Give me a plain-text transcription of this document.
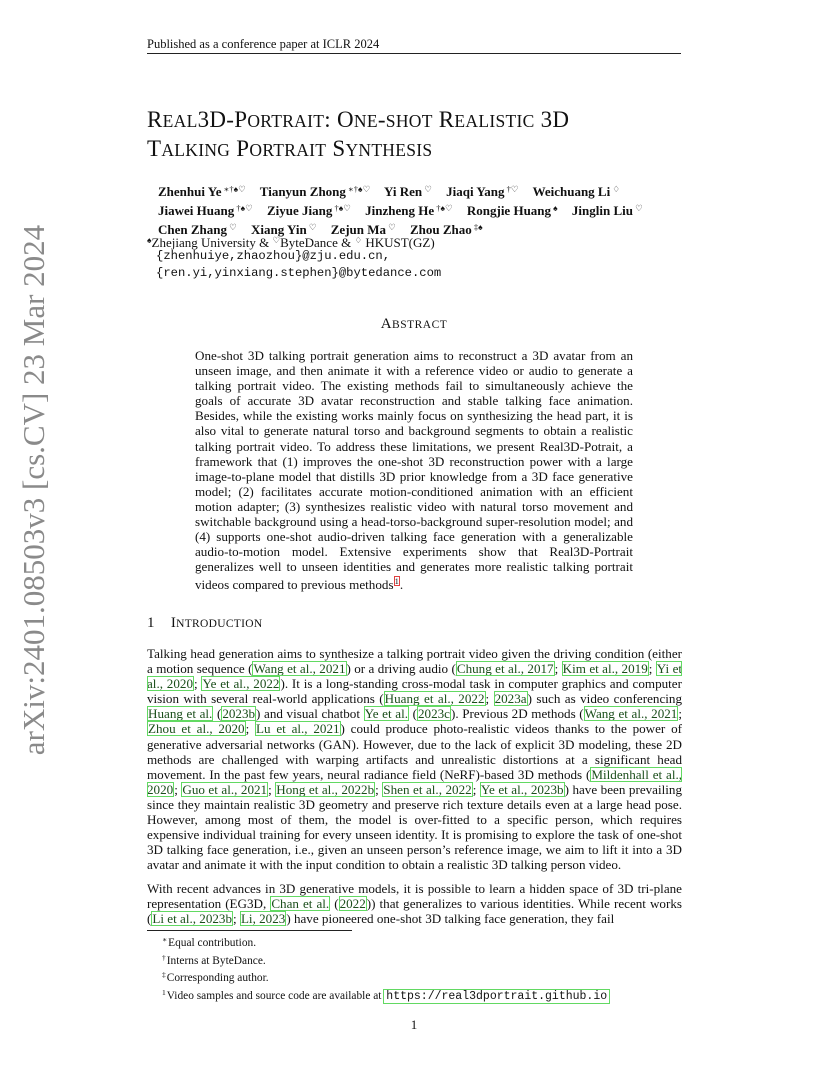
Published as a conference paper at ICLR 2024
arXiv:2401.08503v3 [cs.CV] 23 Mar 2024
REAL3D-PORTRAIT: ONE-SHOT REALISTIC 3D
TALKING PORTRAIT SYNTHESIS
Zhenhui Ye ∗†♠♡ Tianyun Zhong ∗†♠♡ Yi Ren ♡ Jiaqi Yang †♡ Weichuang Li ♢ Jiawei Huang †♠♡ Ziyue Jiang †♠♡ Jinzheng He †♠♡ Rongjie Huang ♠ Jinglin Liu ♡ Chen Zhang ♡ Xiang Yin ♡ Zejun Ma ♡ Zhou Zhao ‡♠
♠Zhejiang University & ♡ByteDance & ♢ HKUST(GZ)
{zhenhuiye,zhaozhou}@zju.edu.cn,
{ren.yi,yinxiang.stephen}@bytedance.com
ABSTRACT
One-shot 3D talking portrait generation aims to reconstruct a 3D avatar from an unseen image, and then animate it with a reference video or audio to generate a talking portrait video. The existing methods fail to simultaneously achieve the goals of accurate 3D avatar reconstruction and stable talking face animation. Besides, while the existing works mainly focus on synthesizing the head part, it is also vital to generate natural torso and background segments to obtain a realistic talking portrait video. To address these limitations, we present Real3D-Potrait, a framework that (1) improves the one-shot 3D reconstruction power with a large image-to-plane model that distills 3D prior knowledge from a 3D face generative model; (2) facilitates accurate motion-conditioned animation with an efficient motion adapter; (3) synthesizes realistic video with natural torso movement and switchable background using a head-torso-background super-resolution model; and (4) supports one-shot audio-driven talking face generation with a generalizable audio-to-motion model. Extensive experiments show that Real3D-Portrait generalizes well to unseen identities and generates more realistic talking portrait videos compared to previous methods$^1$.
1 INTRODUCTION
Talking head generation aims to synthesize a talking portrait video given the driving condition (either a motion sequence (Wang et al., 2021) or a driving audio (Chung et al., 2017; Kim et al., 2019; Yi et al., 2020; Ye et al., 2022). It is a long-standing cross-modal task in computer graphics and computer vision with several real-world applications (Huang et al., 2022; 2023a) such as video conferencing Huang et al. (2023b) and visual chatbot Ye et al. (2023c). Previous 2D methods (Wang et al., 2021; Zhou et al., 2020; Lu et al., 2021) could produce photo-realistic videos thanks to the power of generative adversarial networks (GAN). However, due to the lack of explicit 3D modeling, these 2D methods are challenged with warping artifacts and unrealistic distortions at a significant head movement. In the past few years, neural radiance field (NeRF)-based 3D methods (Mildenhall et al., 2020; Guo et al., 2021; Hong et al., 2022b; Shen et al., 2022; Ye et al., 2023b) have been prevailing since they maintain realistic 3D geometry and preserve rich texture details even at a large head pose. However, among most of them, the model is over-fitted to a specific person, which requires expensive individual training for every unseen identity. It is promising to explore the task of one-shot 3D talking face generation, i.e., given an unseen person’s reference image, we aim to lift it into a 3D avatar and animate it with the input condition to obtain a realistic 3D talking person video.
With recent advances in 3D generative models, it is possible to learn a hidden space of 3D tri-plane representation (EG3D, Chan et al. (2022)) that generalizes to various identities. While recent works (Li et al., 2023b; Li, 2023) have pioneered one-shot 3D talking face generation, they fail
∗Equal contribution.
†Interns at ByteDance.
‡Corresponding author.
$^1$Video samples and source code are available at https://real3dportrait.github.io
1
